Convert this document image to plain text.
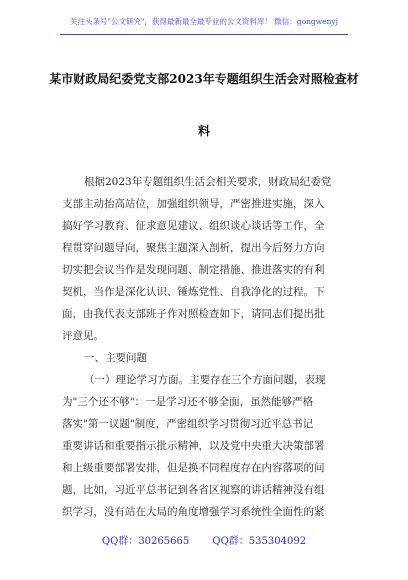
关注头条号"公文研究"，获得最新最全最专业的公文资料库！ 微信：gongwenyj
某市财政局纪委党支部2023年专题组织生活会对照检查材
料
根据2023年专题组织生活会相关要求，财政局纪委党
支部主动抬高站位，加强组织领导，严密推进实施，深入
搞好学习教育、征求意见建议、组织谈心谈话等工作，全
程贯穿问题导向，聚焦主题深入剖析，提出今后努力方向
切实把会议当作是发现问题、制定措施、推进落实的有利
契机，当作是深化认识、锤炼党性、自我净化的过程。下
面，由我代表支部班子作对照检查如下，请同志们提出批
评意见。
一、主要问题
（一）理论学习方面。主要存在三个方面问题，表现
为"三个还不够"：一是学习还不够全面，虽然能够严格
落实"第一议题"制度，严密组织学习贯彻习近平总书记
重要讲话和重要指示批示精神，以及党中央重大决策部署
和上级重要部署安排，但是换不同程度存在内容落项的问
题，比如，习近平总书记到各省区视察的讲话精神没有组
织学习，没有站在大局的角度增强学习系统性全面性的紧
QQ群：30265665 QQ群：535304092
